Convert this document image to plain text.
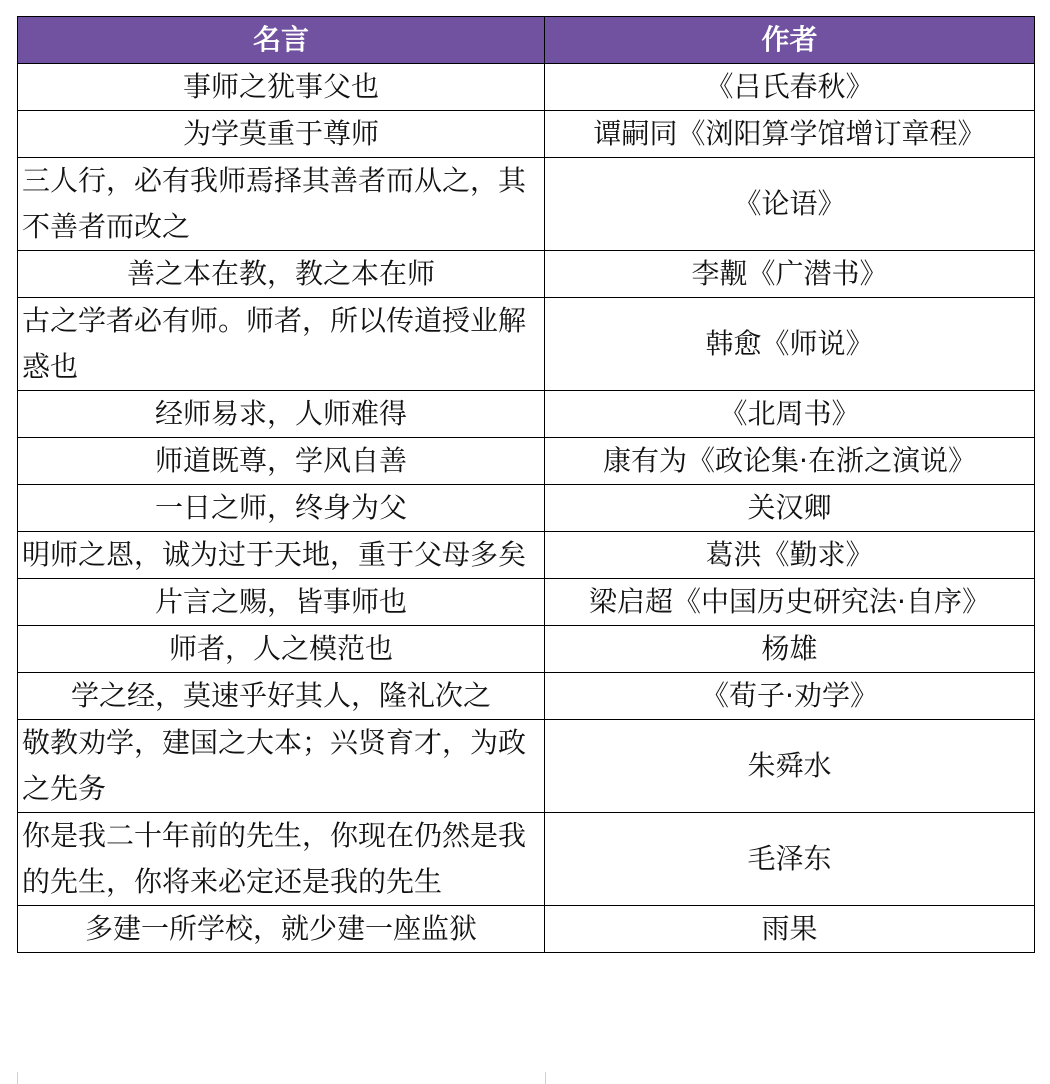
名言	作者
事师之犹事父也	《吕氏春秋》
为学莫重于尊师	谭嗣同《浏阳算学馆增订章程》
三人行，必有我师焉择其善者而从之，其不善者而改之	《论语》
善之本在教，教之本在师	李觏《广潜书》
古之学者必有师。师者，所以传道授业解惑也	韩愈《师说》
经师易求，人师难得	《北周书》
师道既尊，学风自善	康有为《政论集·在浙之演说》
一日之师，终身为父	关汉卿
明师之恩，诚为过于天地，重于父母多矣	葛洪《勤求》
片言之赐，皆事师也	梁启超《中国历史研究法·自序》
师者，人之模范也	杨雄
学之经，莫速乎好其人，隆礼次之	《荀子·劝学》
敬教劝学，建国之大本；兴贤育才，为政之先务	朱舜水
你是我二十年前的先生，你现在仍然是我的先生，你将来必定还是我的先生	毛泽东
多建一所学校，就少建一座监狱	雨果
